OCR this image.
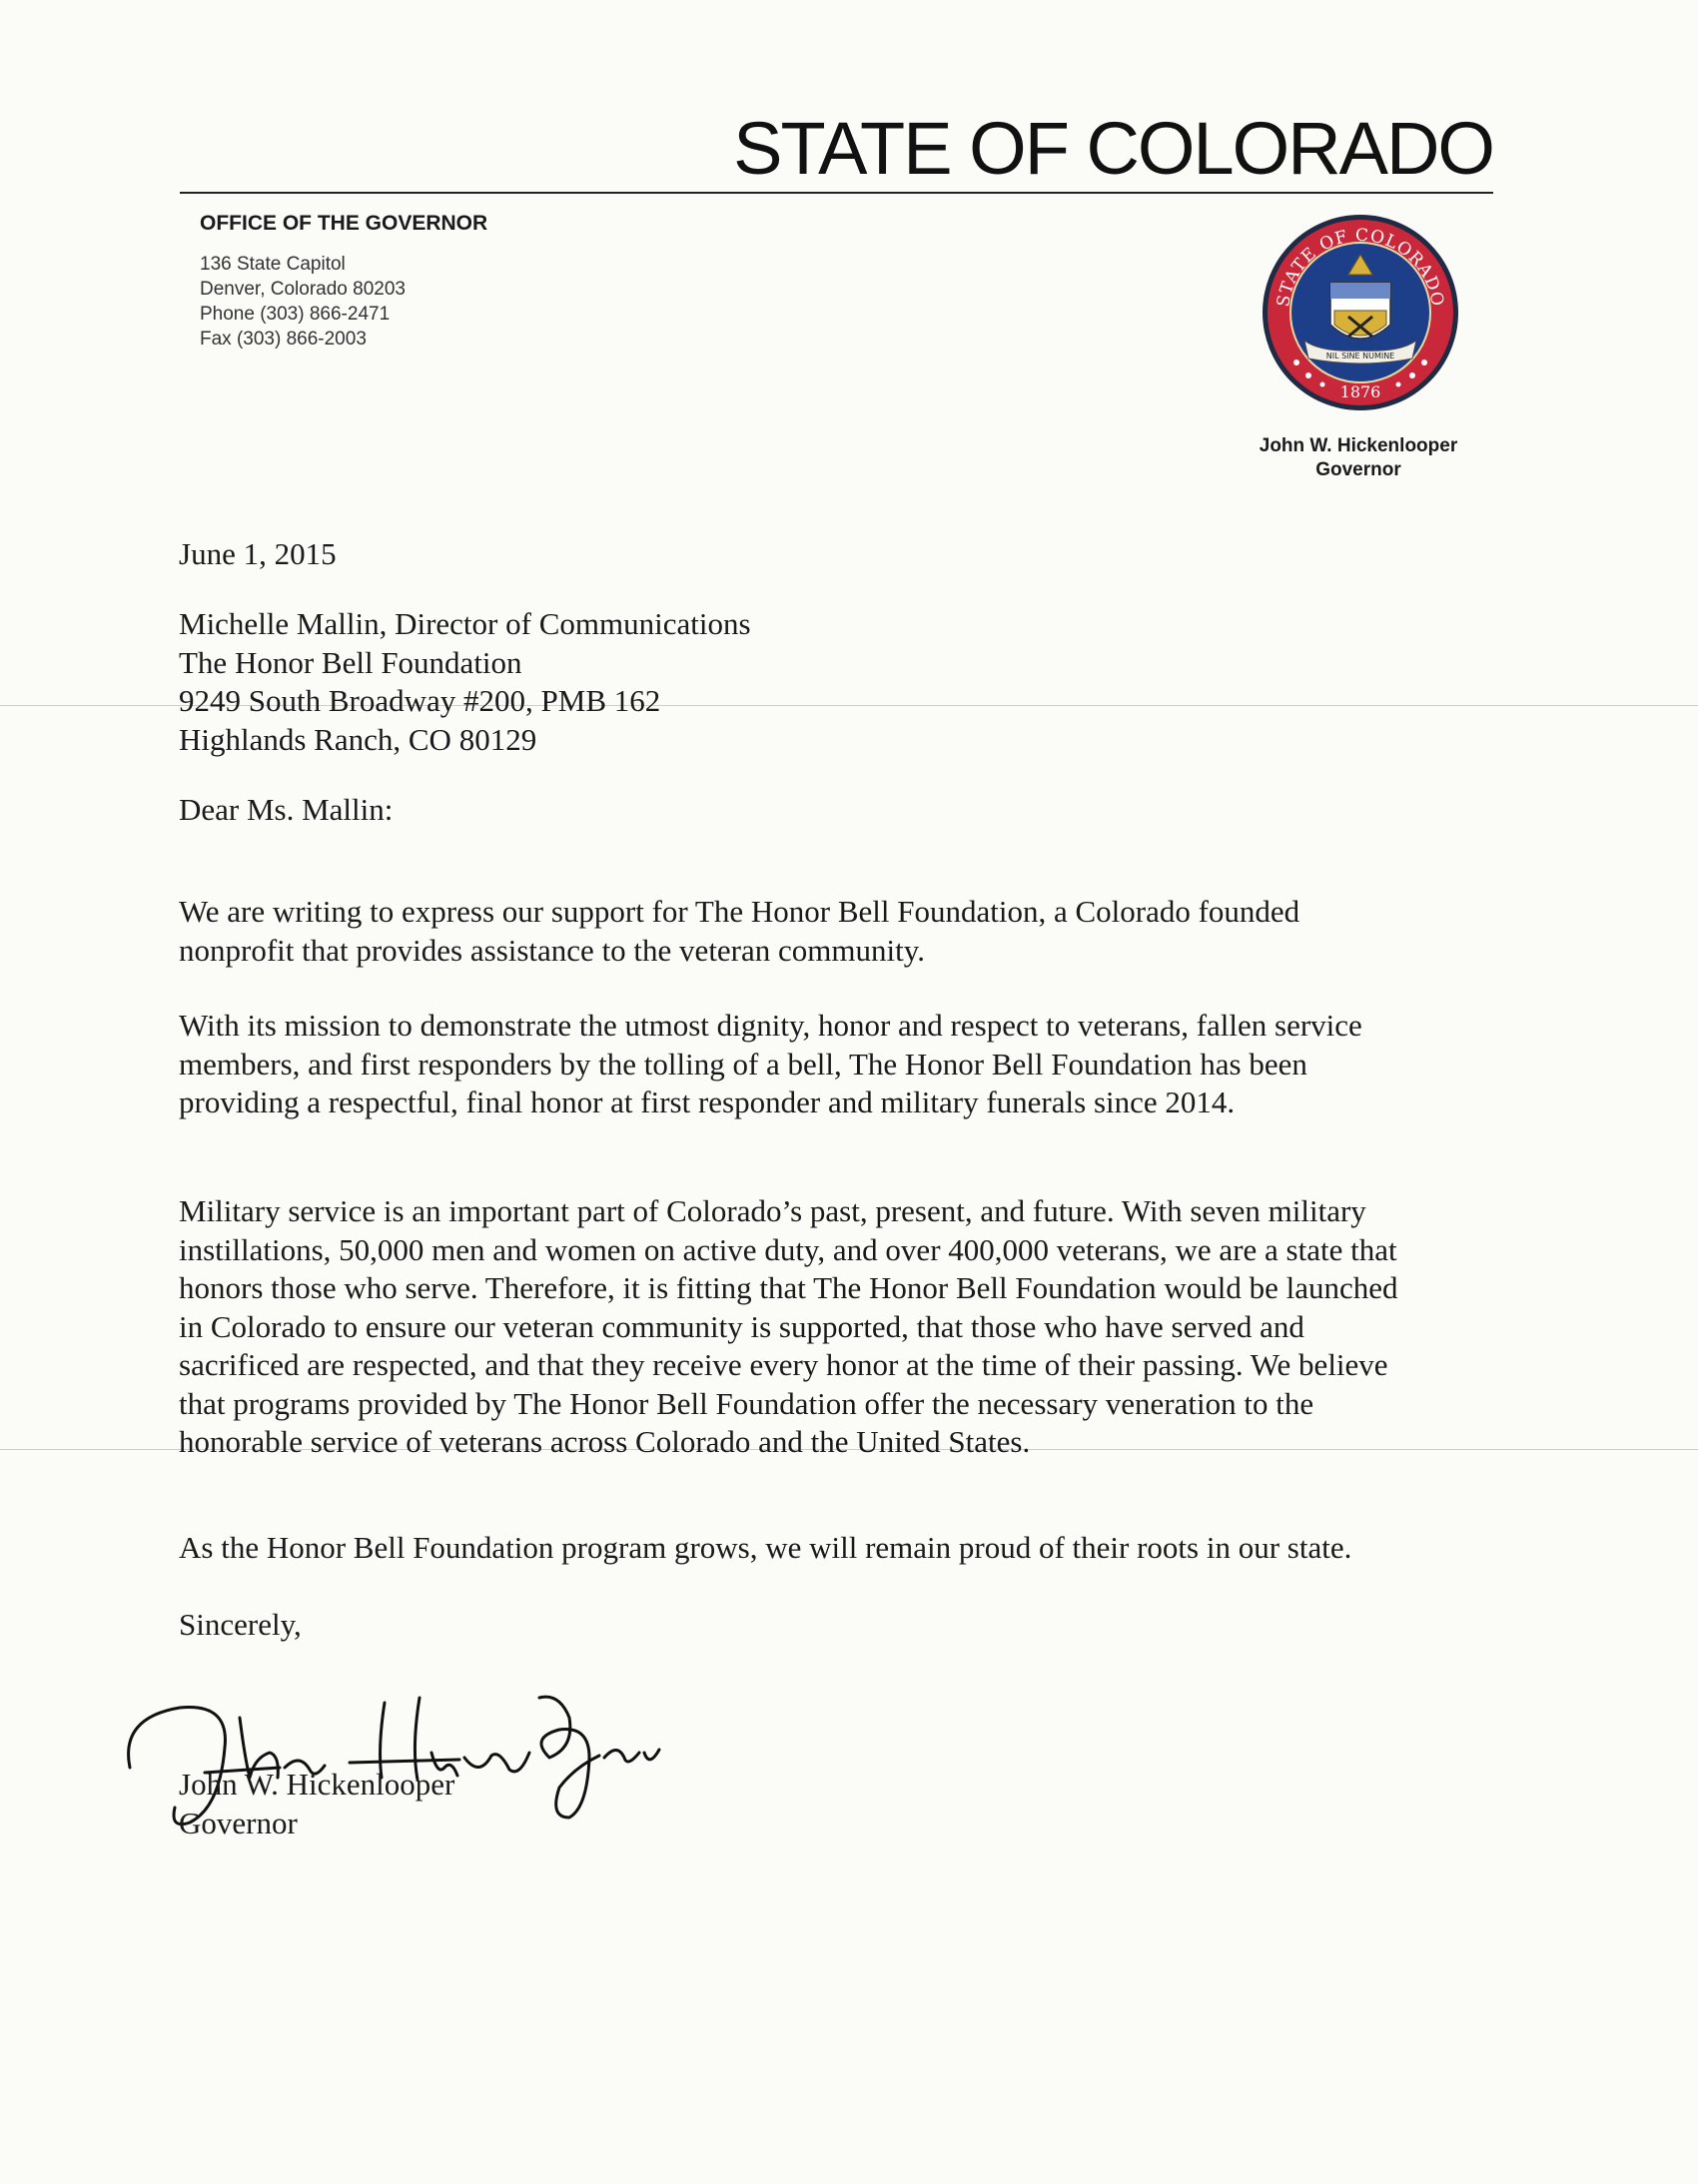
STATE OF COLORADO
OFFICE OF THE GOVERNOR
136 State Capitol
Denver, Colorado 80203
Phone (303) 866-2471
Fax (303) 866-2003
STATE OF COLORADO
1876
NIL SINE NUMINE
John W. Hickenlooper
Governor
June 1, 2015
Michelle Mallin, Director of Communications
The Honor Bell Foundation
9249 South Broadway #200, PMB 162
Highlands Ranch, CO 80129
Dear Ms. Mallin:

We are writing to express our support for The Honor Bell Foundation, a Colorado founded nonprofit that provides assistance to the veteran community.

With its mission to demonstrate the utmost dignity, honor and respect to veterans, fallen service members, and first responders by the tolling of a bell, The Honor Bell Foundation has been providing a respectful, final honor at first responder and military funerals since 2014.

Military service is an important part of Colorado’s past, present, and future. With seven military instillations, 50,000 men and women on active duty, and over 400,000 veterans, we are a state that honors those who serve. Therefore, it is fitting that The Honor Bell Foundation would be launched in Colorado to ensure our veteran community is supported, that those who have served and sacrificed are respected, and that they receive every honor at the time of their passing. We believe that programs provided by The Honor Bell Foundation offer the necessary veneration to the honorable service of veterans across Colorado and the United States.

As the Honor Bell Foundation program grows, we will remain proud of their roots in our state.

Sincerely,
John W. Hickenlooper
Governor
